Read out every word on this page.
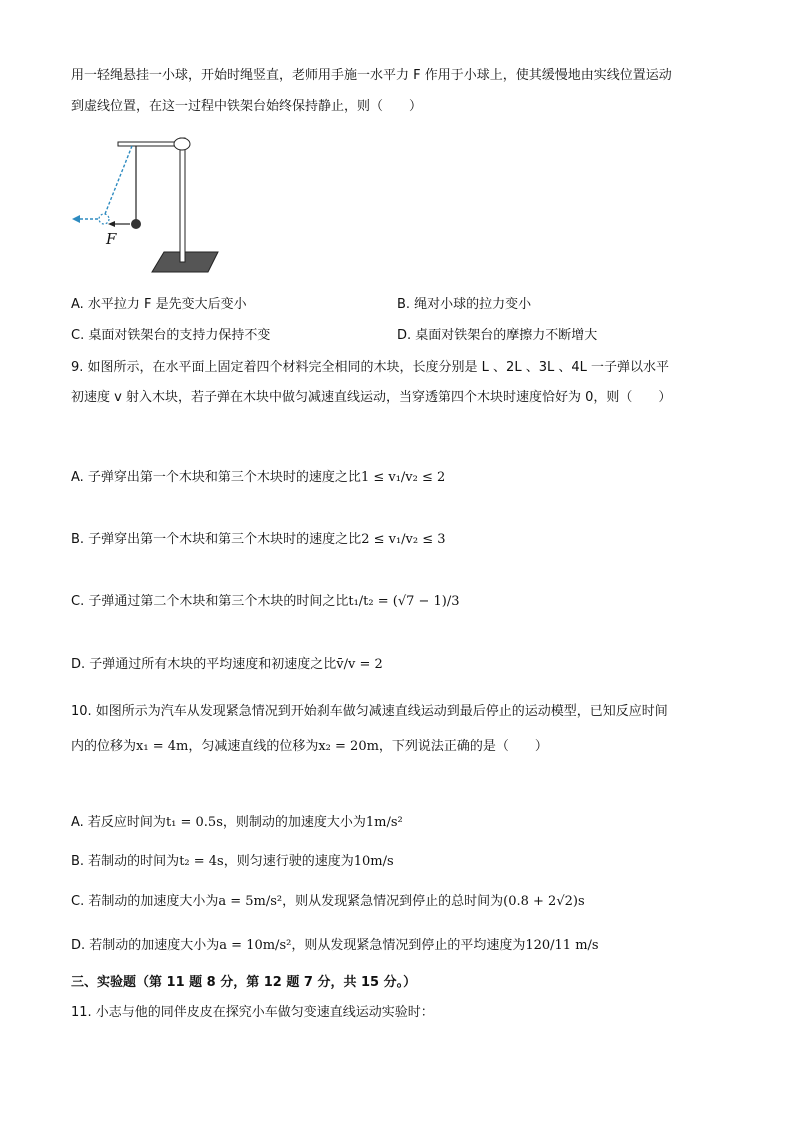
用一轻绳悬挂一小球，开始时绳竖直，老师用手施一水平力 F 作用于小球上，使其缓慢地由实线位置运动
到虚线位置，在这一过程中铁架台始终保持静止，则（　　）
F
A. 水平拉力 F 是先变大后变小	B. 绳对小球的拉力变小
C. 桌面对铁架台的支持力保持不变	D. 桌面对铁架台的摩擦力不断增大
9. 如图所示，在水平面上固定着四个材料完全相同的木块，长度分别是 L 、2L 、3L 、4L 一子弹以水平
初速度 v 射入木块，若子弹在木块中做匀减速直线运动，当穿透第四个木块时速度恰好为 0，则（　　）
A. 子弹穿出第一个木块和第三个木块时的速度之比1 ≤ v₁/v₂ ≤ 2
B. 子弹穿出第一个木块和第三个木块时的速度之比2 ≤ v₁/v₂ ≤ 3
C. 子弹通过第二个木块和第三个木块的时间之比t₁/t₂ = (√7 − 1)/3
D. 子弹通过所有木块的平均速度和初速度之比v̄/v = 2
10. 如图所示为汽车从发现紧急情况到开始刹车做匀减速直线运动到最后停止的运动模型，已知反应时间
内的位移为x₁ = 4m，匀减速直线的位移为x₂ = 20m，下列说法正确的是（　　）
A. 若反应时间为t₁ = 0.5s，则制动的加速度大小为1m/s²
B. 若制动的时间为t₂ = 4s，则匀速行驶的速度为10m/s
C. 若制动的加速度大小为a = 5m/s²，则从发现紧急情况到停止的总时间为(0.8 + 2√2)s
D. 若制动的加速度大小为a = 10m/s²，则从发现紧急情况到停止的平均速度为120/11 m/s
三、实验题（第 11 题 8 分，第 12 题 7 分，共 15 分。）
11. 小志与他的同伴皮皮在探究小车做匀变速直线运动实验时：
